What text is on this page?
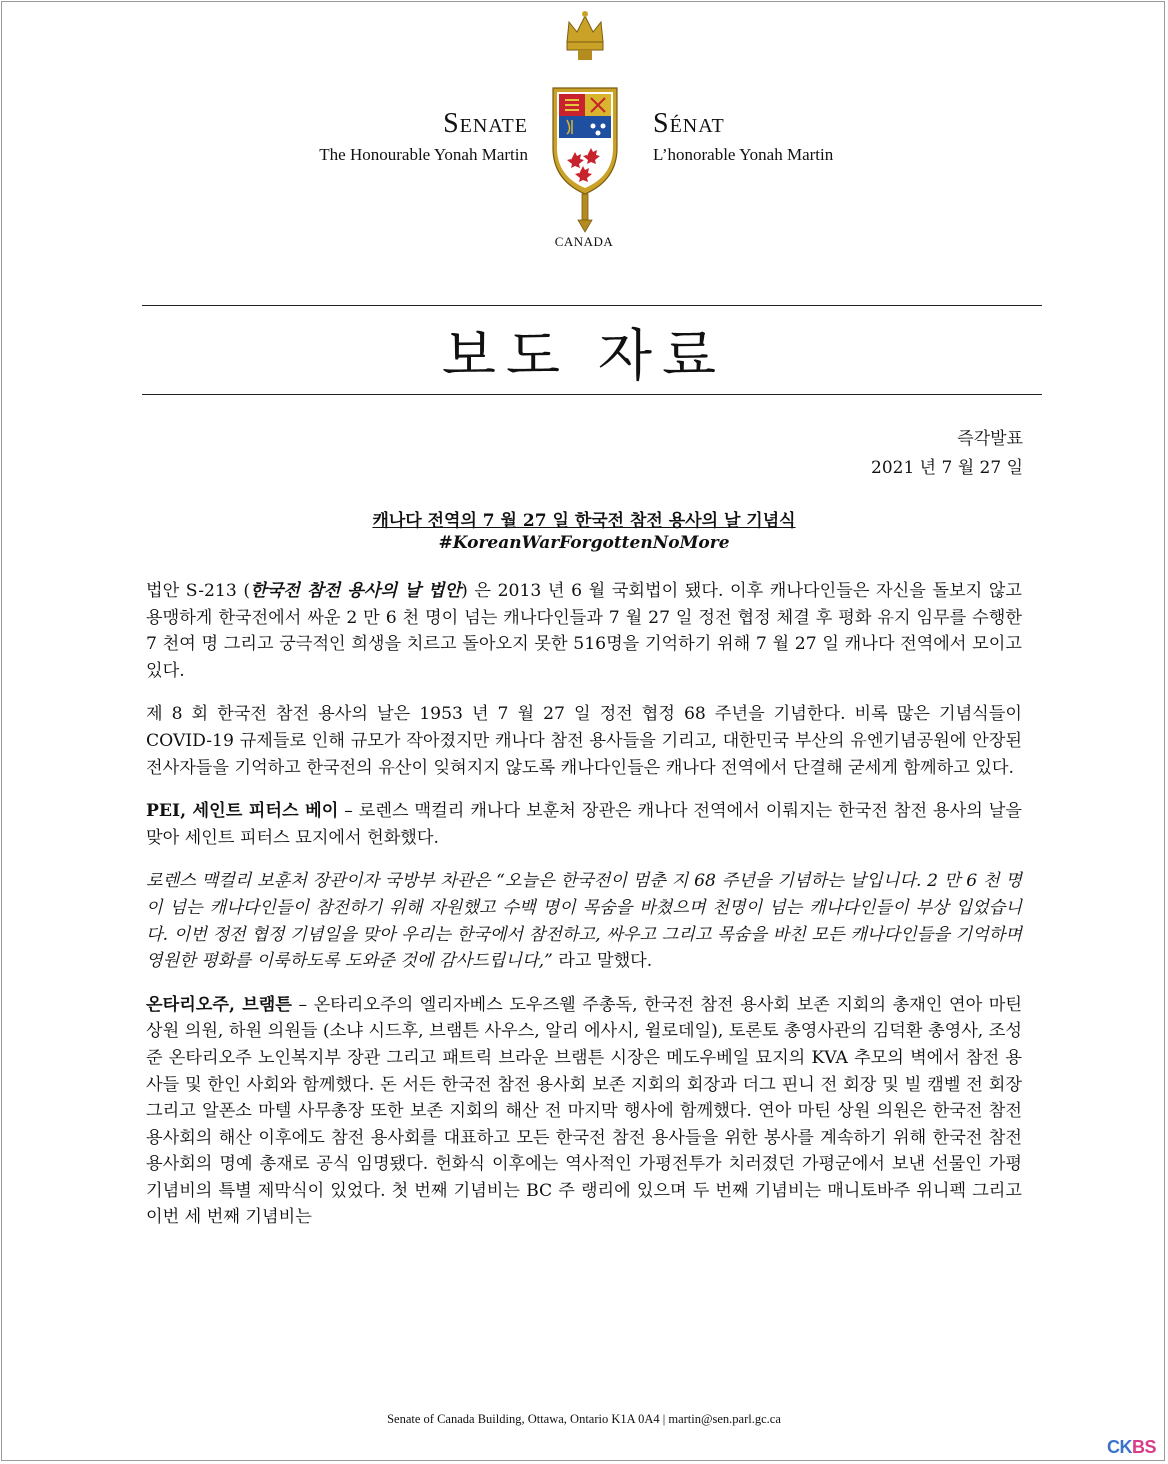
Senate
The Honourable Yonah Martin
Sénat
L’honorable Yonah Martin
CANADA
보도 자료
즉각발표
2021 년 7 월 27 일
캐나다 전역의 7 월 27 일 한국전 참전 용사의 날 기념식
#KoreanWarForgottenNoMore

법안 S-213 (한국전 참전 용사의 날 법안) 은 2013 년 6 월 국회법이 됐다. 이후 캐나다인들은 자신을 돌보지 않고 용맹하게 한국전에서 싸운 2 만 6 천 명이 넘는 캐나다인들과 7 월 27 일 정전 협정 체결 후 평화 유지 임무를 수행한 7 천여 명 그리고 궁극적인 희생을 치르고 돌아오지 못한 516명을 기억하기 위해 7 월 27 일 캐나다 전역에서 모이고 있다.

제 8 회 한국전 참전 용사의 날은 1953 년 7 월 27 일 정전 협정 68 주년을 기념한다. 비록 많은 기념식들이 COVID-19 규제들로 인해 규모가 작아졌지만 캐나다 참전 용사들을 기리고, 대한민국 부산의 유엔기념공원에 안장된 전사자들을 기억하고 한국전의 유산이 잊혀지지 않도록 캐나다인들은 캐나다 전역에서 단결해 굳세게 함께하고 있다.

PEI, 세인트 피터스 베이 – 로렌스 맥컬리 캐나다 보훈처 장관은 캐나다 전역에서 이뤄지는 한국전 참전 용사의 날을 맞아 세인트 피터스 묘지에서 헌화했다.

로렌스 맥컬리 보훈처 장관이자 국방부 차관은 “오늘은 한국전이 멈춘 지 68 주년을 기념하는 날입니다. 2 만 6 천 명이 넘는 캐나다인들이 참전하기 위해 자원했고 수백 명이 목숨을 바쳤으며 천명이 넘는 캐나다인들이 부상 입었습니다. 이번 정전 협정 기념일을 맞아 우리는 한국에서 참전하고, 싸우고 그리고 목숨을 바친 모든 캐나다인들을 기억하며 영원한 평화를 이룩하도록 도와준 것에 감사드립니다,” 라고 말했다.

온타리오주, 브램튼 – 온타리오주의 엘리자베스 도우즈웰 주총독, 한국전 참전 용사회 보존 지회의 총재인 연아 마틴 상원 의원, 하원 의원들 (소냐 시드후, 브램튼 사우스, 알리 에사시, 윌로데일), 토론토 총영사관의 김덕환 총영사, 조성준 온타리오주 노인복지부 장관 그리고 패트릭 브라운 브램튼 시장은 메도우베일 묘지의 KVA 추모의 벽에서 참전 용사들 및 한인 사회와 함께했다. 돈 서든 한국전 참전 용사회 보존 지회의 회장과 더그 핀니 전 회장 및 빌 캠벨 전 회장 그리고 알폰소 마텔 사무총장 또한 보존 지회의 해산 전 마지막 행사에 함께했다. 연아 마틴 상원 의원은 한국전 참전 용사회의 해산 이후에도 참전 용사회를 대표하고 모든 한국전 참전 용사들을 위한 봉사를 계속하기 위해 한국전 참전 용사회의 명예 총재로 공식 임명됐다. 헌화식 이후에는 역사적인 가평전투가 치러졌던 가평군에서 보낸 선물인 가평 기념비의 특별 제막식이 있었다. 첫 번째 기념비는 BC 주 랭리에 있으며 두 번째 기념비는 매니토바주 위니펙 그리고 이번 세 번째 기념비는

Senate of Canada Building, Ottawa, Ontario K1A 0A4 | martin@sen.parl.gc.ca
CKBS
